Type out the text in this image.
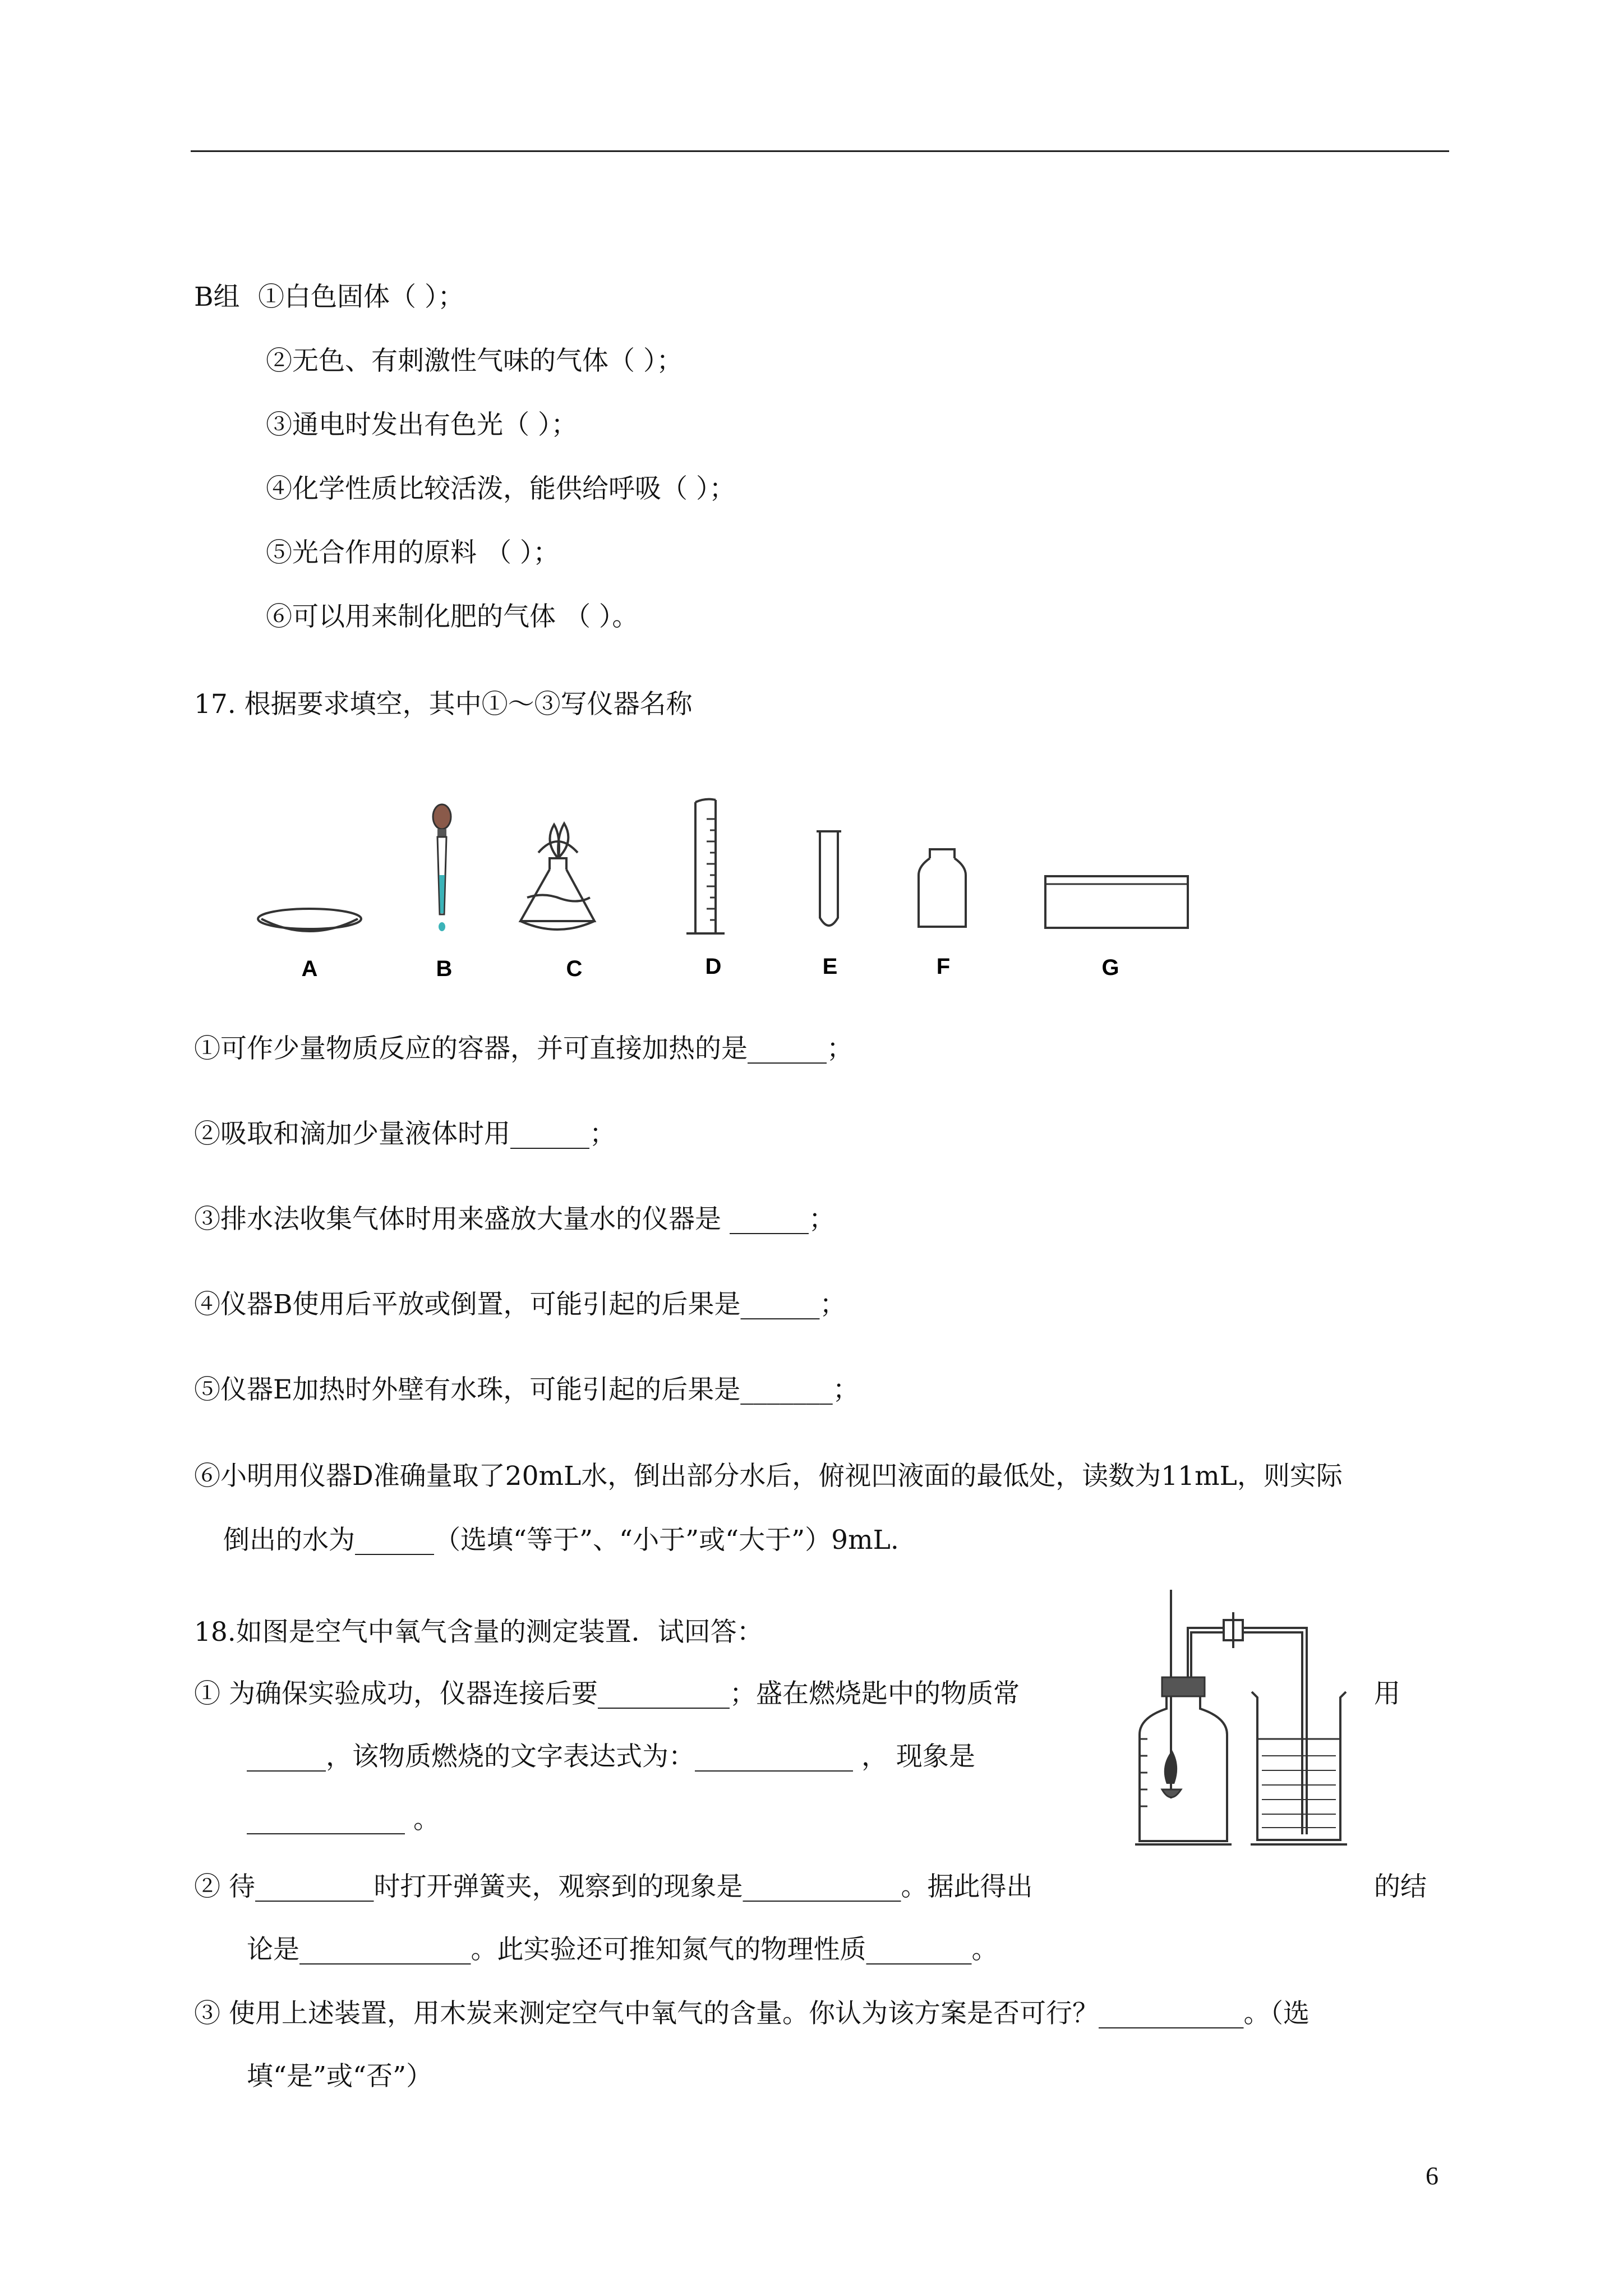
B组 ①白色固体（ ）；
②无色、有刺激性气味的气体（ ）；
③通电时发出有色光（ ）；
④化学性质比较活泼，能供给呼吸（ ）；
⑤光合作用的原料 （ ）；
⑥可以用来制化肥的气体 （ ）。
17. 根据要求填空，其中①～③写仪器名称
A	B	C	D	E	F	G
①可作少量物质反应的容器，并可直接加热的是______；
②吸取和滴加少量液体时用______；
③排水法收集气体时用来盛放大量水的仪器是 ______；
④仪器B使用后平放或倒置，可能引起的后果是______；
⑤仪器E加热时外壁有水珠，可能引起的后果是_______；
⑥小明用仪器D准确量取了20mL水，倒出部分水后，俯视凹液面的最低处，读数为11mL，则实际
倒出的水为______（选填“等于”、“小于”或“大于”）9mL.
18.如图是空气中氧气含量的测定装置．试回答：
① 为确保实验成功，仪器连接后要__________；盛在燃烧匙中的物质常	用
______，该物质燃烧的文字表达式为：____________ ， 现象是
____________ 。
② 待_________时打开弹簧夹，观察到的现象是____________。据此得出	的结
论是_____________。此实验还可推知氮气的物理性质________。
③ 使用上述装置，用木炭来测定空气中氧气的含量。你认为该方案是否可行？___________。（选
填“是”或“否”）
6
